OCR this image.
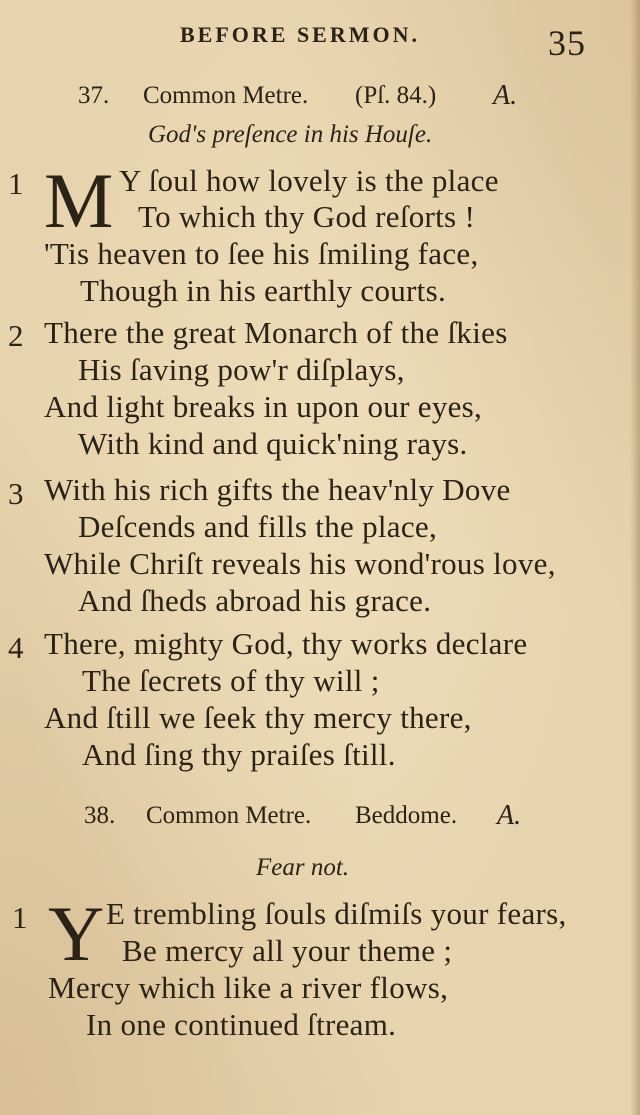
BEFORE SERMON.	35
37. Common Metre. (Pſ. 84.) A.
God's preſence in his Houſe.
1 M Y ſoul how lovely is the place
To which thy God reſorts !
'Tis heaven to ſee his ſmiling face,
Though in his earthly courts.
2 There the great Monarch of the ſkies
His ſaving pow'r diſplays,
And light breaks in upon our eyes,
With kind and quick'ning rays.
3 With his rich gifts the heav'nly Dove
Deſcends and fills the place,
While Chriſt reveals his wond'rous love,
And ſheds abroad his grace.
4 There, mighty God, thy works declare
The ſecrets of thy will ;
And ſtill we ſeek thy mercy there,
And ſing thy praiſes ſtill.
38. Common Metre. Beddome. A.
Fear not.
1 Y E trembling ſouls diſmiſs your fears,
Be mercy all your theme ;
Mercy which like a river flows,
In one continued ſtream.
